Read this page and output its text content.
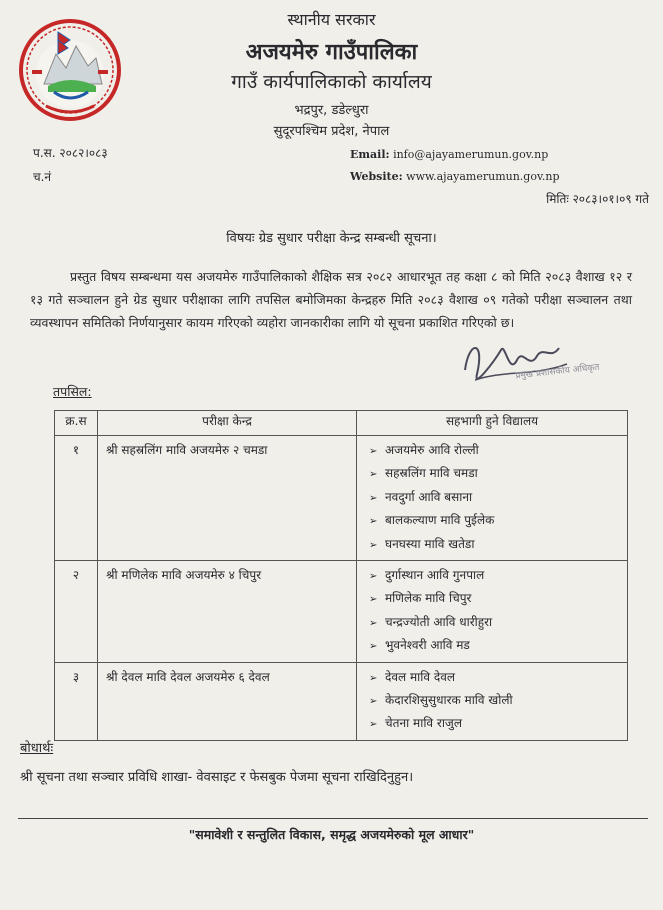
स्थानीय सरकार
अजयमेरु गाउँपालिका
गाउँ कार्यपालिकाको कार्यालय
भद्रपुर, डडेल्धुरा
सुदूरपश्चिम प्रदेश, नेपाल
प.स. २०८२।०८३
च.नं
Email: info@ajayamerumun.gov.np
Website: www.ajayamerumun.gov.np
मितिः २०८३।०१।०९ गते
विषयः ग्रेड सुधार परीक्षा केन्द्र सम्बन्धी सूचना।
प्रस्तुत विषय सम्बन्धमा यस अजयमेरु गाउँपालिकाको शैक्षिक सत्र २०८२ आधारभूत तह कक्षा ८ को मिति २०८३ वैशाख १२ र १३ गते सञ्चालन हुने ग्रेड सुधार परीक्षाका लागि तपसिल बमोजिमका केन्द्रहरु मिति २०८३ वैशाख ०९ गतेको परीक्षा सञ्चालन तथा व्यवस्थापन समितिको निर्णयानुसार कायम गरिएको व्यहोरा जानकारीका लागि यो सूचना प्रकाशित गरिएको छ।
प्रमुख प्रशासकीय अधिकृत
तपसिल:
क्र.स	परीक्षा केन्द्र	सहभागी हुने विद्यालय
१	श्री सहस्रलिंग मावि अजयमेरु २ चमडा	➢ अजयमेरु आवि रोल्ली
➢ सहस्रलिंग मावि चमडा
➢ नवदुर्गा आवि बसाना
➢ बालकल्याण मावि पुईलेक
➢ घनघस्या मावि खतेडा

२	श्री मणिलेक मावि अजयमेरु ४ चिपुर	➢ दुर्गास्थान आवि गुनपाल
➢ मणिलेक मावि चिपुर
➢ चन्द्रज्योती आवि धारीहुरा
➢ भुवनेश्वरी आवि मड

३	श्री देवल मावि देवल अजयमेरु ६ देवल	➢ देवल मावि देवल
➢ केदारशिसुसुधारक मावि खोली
➢ चेतना मावि राजुल
बोधार्थः
श्री सूचना तथा सञ्चार प्रविधि शाखा- वेवसाइट र फेसबुक पेजमा सूचना राखिदिनुहुन।
"समावेशी र सन्तुलित विकास, समृद्ध अजयमेरुको मूल आधार"
